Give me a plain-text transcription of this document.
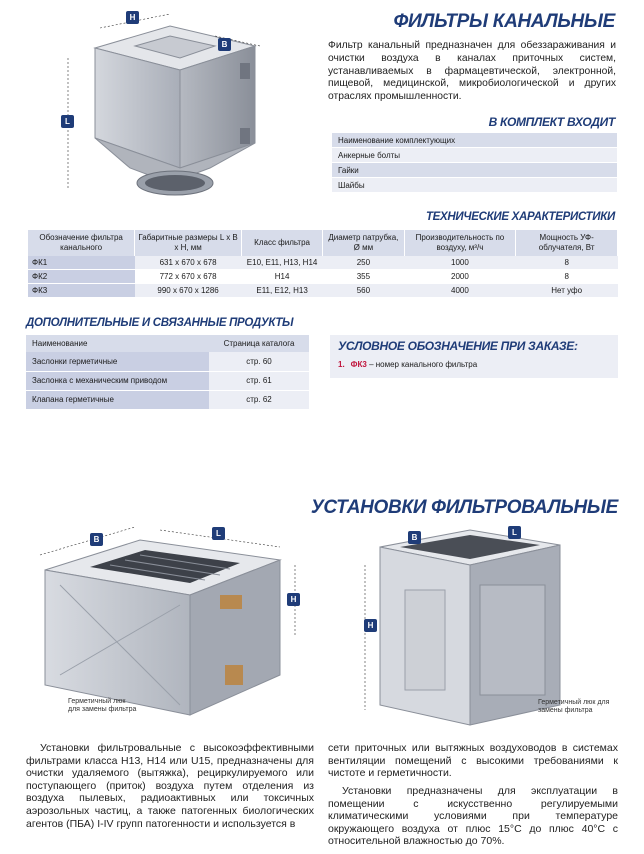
H
B
L
ФИЛЬТРЫ КАНАЛЬНЫЕ
Фильтр канальный предназначен для обеззараживания и очистки воздуха в каналах приточных систем, устанавливаемых в фармацевтической, электронной, пищевой, медицинской, микробиологической и других отраслях промышленности.
В КОМПЛЕКТ ВХОДИТ
Наименование комплектующих
Анкерные болты
Гайки
Шайбы
ТЕХНИЧЕСКИЕ ХАРАКТЕРИСТИКИ
Обозначение фильтра канального	Габаритные размеры L x B x H, мм	Класс фильтра	Диаметр патрубка, Ø мм	Производительность по воздуху, м³/ч	Мощность УФ-облучателя, Вт
ФК1	631 х 670 х 678	E10, E11, H13, H14	250	1000	8
ФК2	772 х 670 х 678	H14	355	2000	8
ФК3	990 х 670 х 1286	E11, E12, H13	560	4000	Нет уфо
ДОПОЛНИТЕЛЬНЫЕ И СВЯЗАННЫЕ ПРОДУКТЫ
Наименование	Страница каталога
Заслонки герметичные	стр. 60
Заслонка с механическим приводом	стр. 61
Клапана герметичные	стр. 62
УСЛОВНОЕ ОБОЗНАЧЕНИЕ ПРИ ЗАКАЗЕ:
1. ФК3 – номер канального фильтра
УСТАНОВКИ ФИЛЬТРОВАЛЬНЫЕ
B
L
H
Герметичный люк для замены фильтра
B
L
H
Герметичный люк для замены фильтра
Установки фильтровальные с высокоэффективными фильтрами класса H13, H14 или U15, предназначены для очистки удаляемого (вытяжка), рециркулируемого или поступающего (приток) воздуха путем отделения из воздуха пылевых, радиоактивных или токсичных аэрозольных частиц, а также патогенных биологических агентов (ПБА) I-IV групп патогенности и используется в
сети приточных или вытяжных воздуховодов в системах вентиляции помещений с высокими требованиями к чистоте и герметичности.
Установки предназначены для эксплуатации в помещении с искусственно регулируемыми климатическими условиями при температуре окружающего воздуха от плюс 15°С до плюс 40°С с относительной влажностью до 70%.
